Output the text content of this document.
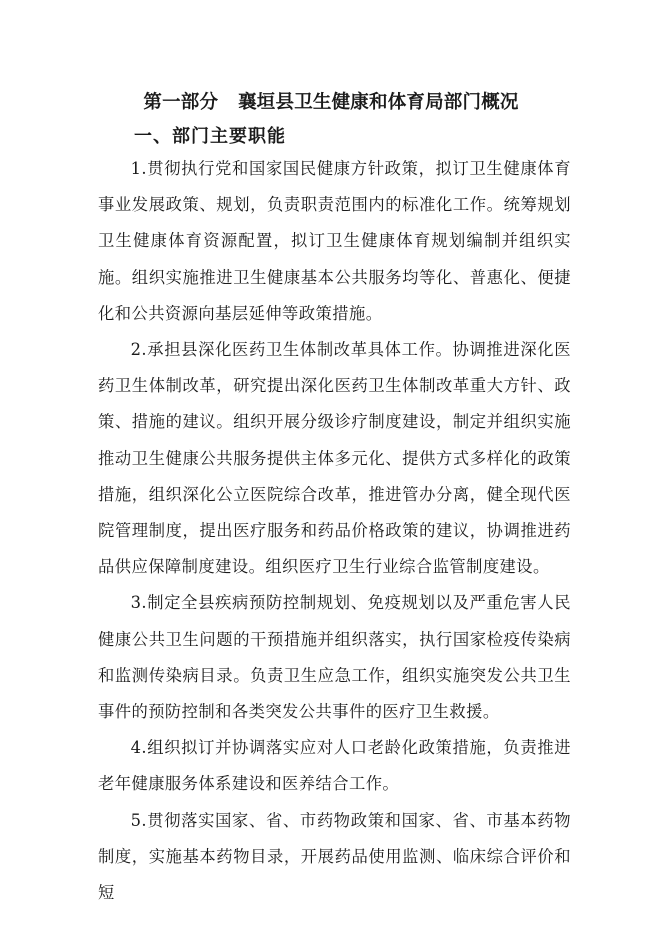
第一部分   襄垣县卫生健康和体育局部门概况
一、部门主要职能

1.贯彻执行党和国家国民健康方针政策，拟订卫生健康体育事业发展政策、规划，负责职责范围内的标准化工作。统筹规划卫生健康体育资源配置，拟订卫生健康体育规划编制并组织实施。组织实施推进卫生健康基本公共服务均等化、普惠化、便捷化和公共资源向基层延伸等政策措施。

2.承担县深化医药卫生体制改革具体工作。协调推进深化医药卫生体制改革，研究提出深化医药卫生体制改革重大方针、政策、措施的建议。组织开展分级诊疗制度建设，制定并组织实施推动卫生健康公共服务提供主体多元化、提供方式多样化的政策措施，组织深化公立医院综合改革，推进管办分离，健全现代医院管理制度，提出医疗服务和药品价格政策的建议，协调推进药品供应保障制度建设。组织医疗卫生行业综合监管制度建设。

3.制定全县疾病预防控制规划、免疫规划以及严重危害人民健康公共卫生问题的干预措施并组织落实，执行国家检疫传染病和监测传染病目录。负责卫生应急工作，组织实施突发公共卫生事件的预防控制和各类突发公共事件的医疗卫生救援。

4.组织拟订并协调落实应对人口老龄化政策措施，负责推进老年健康服务体系建设和医养结合工作。

5.贯彻落实国家、省、市药物政策和国家、省、市基本药物制度，实施基本药物目录，开展药品使用监测、临床综合评价和短
